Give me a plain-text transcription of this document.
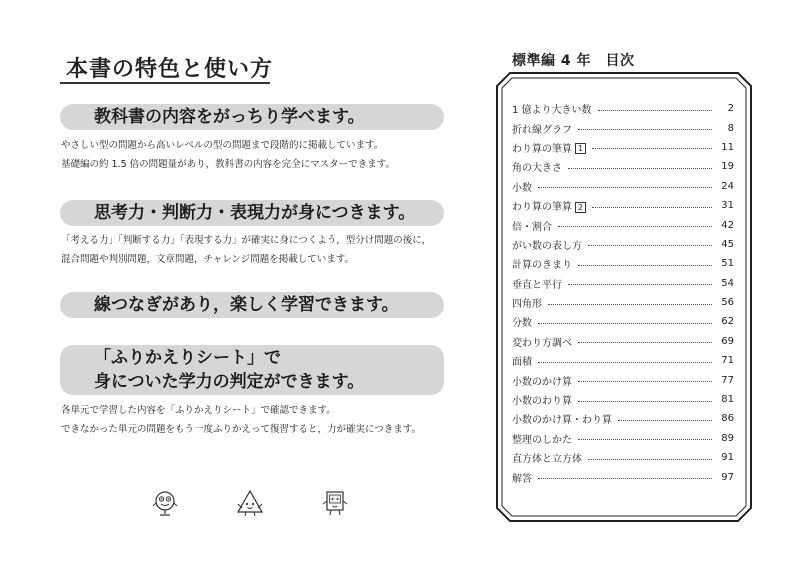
本書の特色と使い方
教科書の内容をがっちり学べます。
やさしい型の問題から高いレベルの型の問題まで段階的に掲載しています。
基礎編の約 1.5 倍の問題量があり，教科書の内容を完全にマスターできます。
思考力・判断力・表現力が身につきます。
「考える力」「判断する力」「表現する力」が確実に身につくよう，型分け問題の後に，
混合問題や判別問題，文章問題，チャレンジ問題を掲載しています。
線つなぎがあり，楽しく学習できます。
「ふりかえりシート」で
身についた学力の判定ができます。
各単元で学習した内容を「ふりかえりシート」で確認できます。
できなかった単元の問題をもう一度ふりかえって復習すると，力が確実につきます。
標準編 4 年　目次
1 億より大きい数	2
折れ線グラフ	8
わり算の筆算 1	11
角の大きさ	19
小数	24
わり算の筆算 2	31
倍・割合	42
がい数の表し方	45
計算のきまり	51
垂直と平行	54
四角形	56
分数	62
変わり方調べ	69
面積	71
小数のかけ算	77
小数のわり算	81
小数のかけ算・わり算	86
整理のしかた	89
直方体と立方体	91
解答	97
